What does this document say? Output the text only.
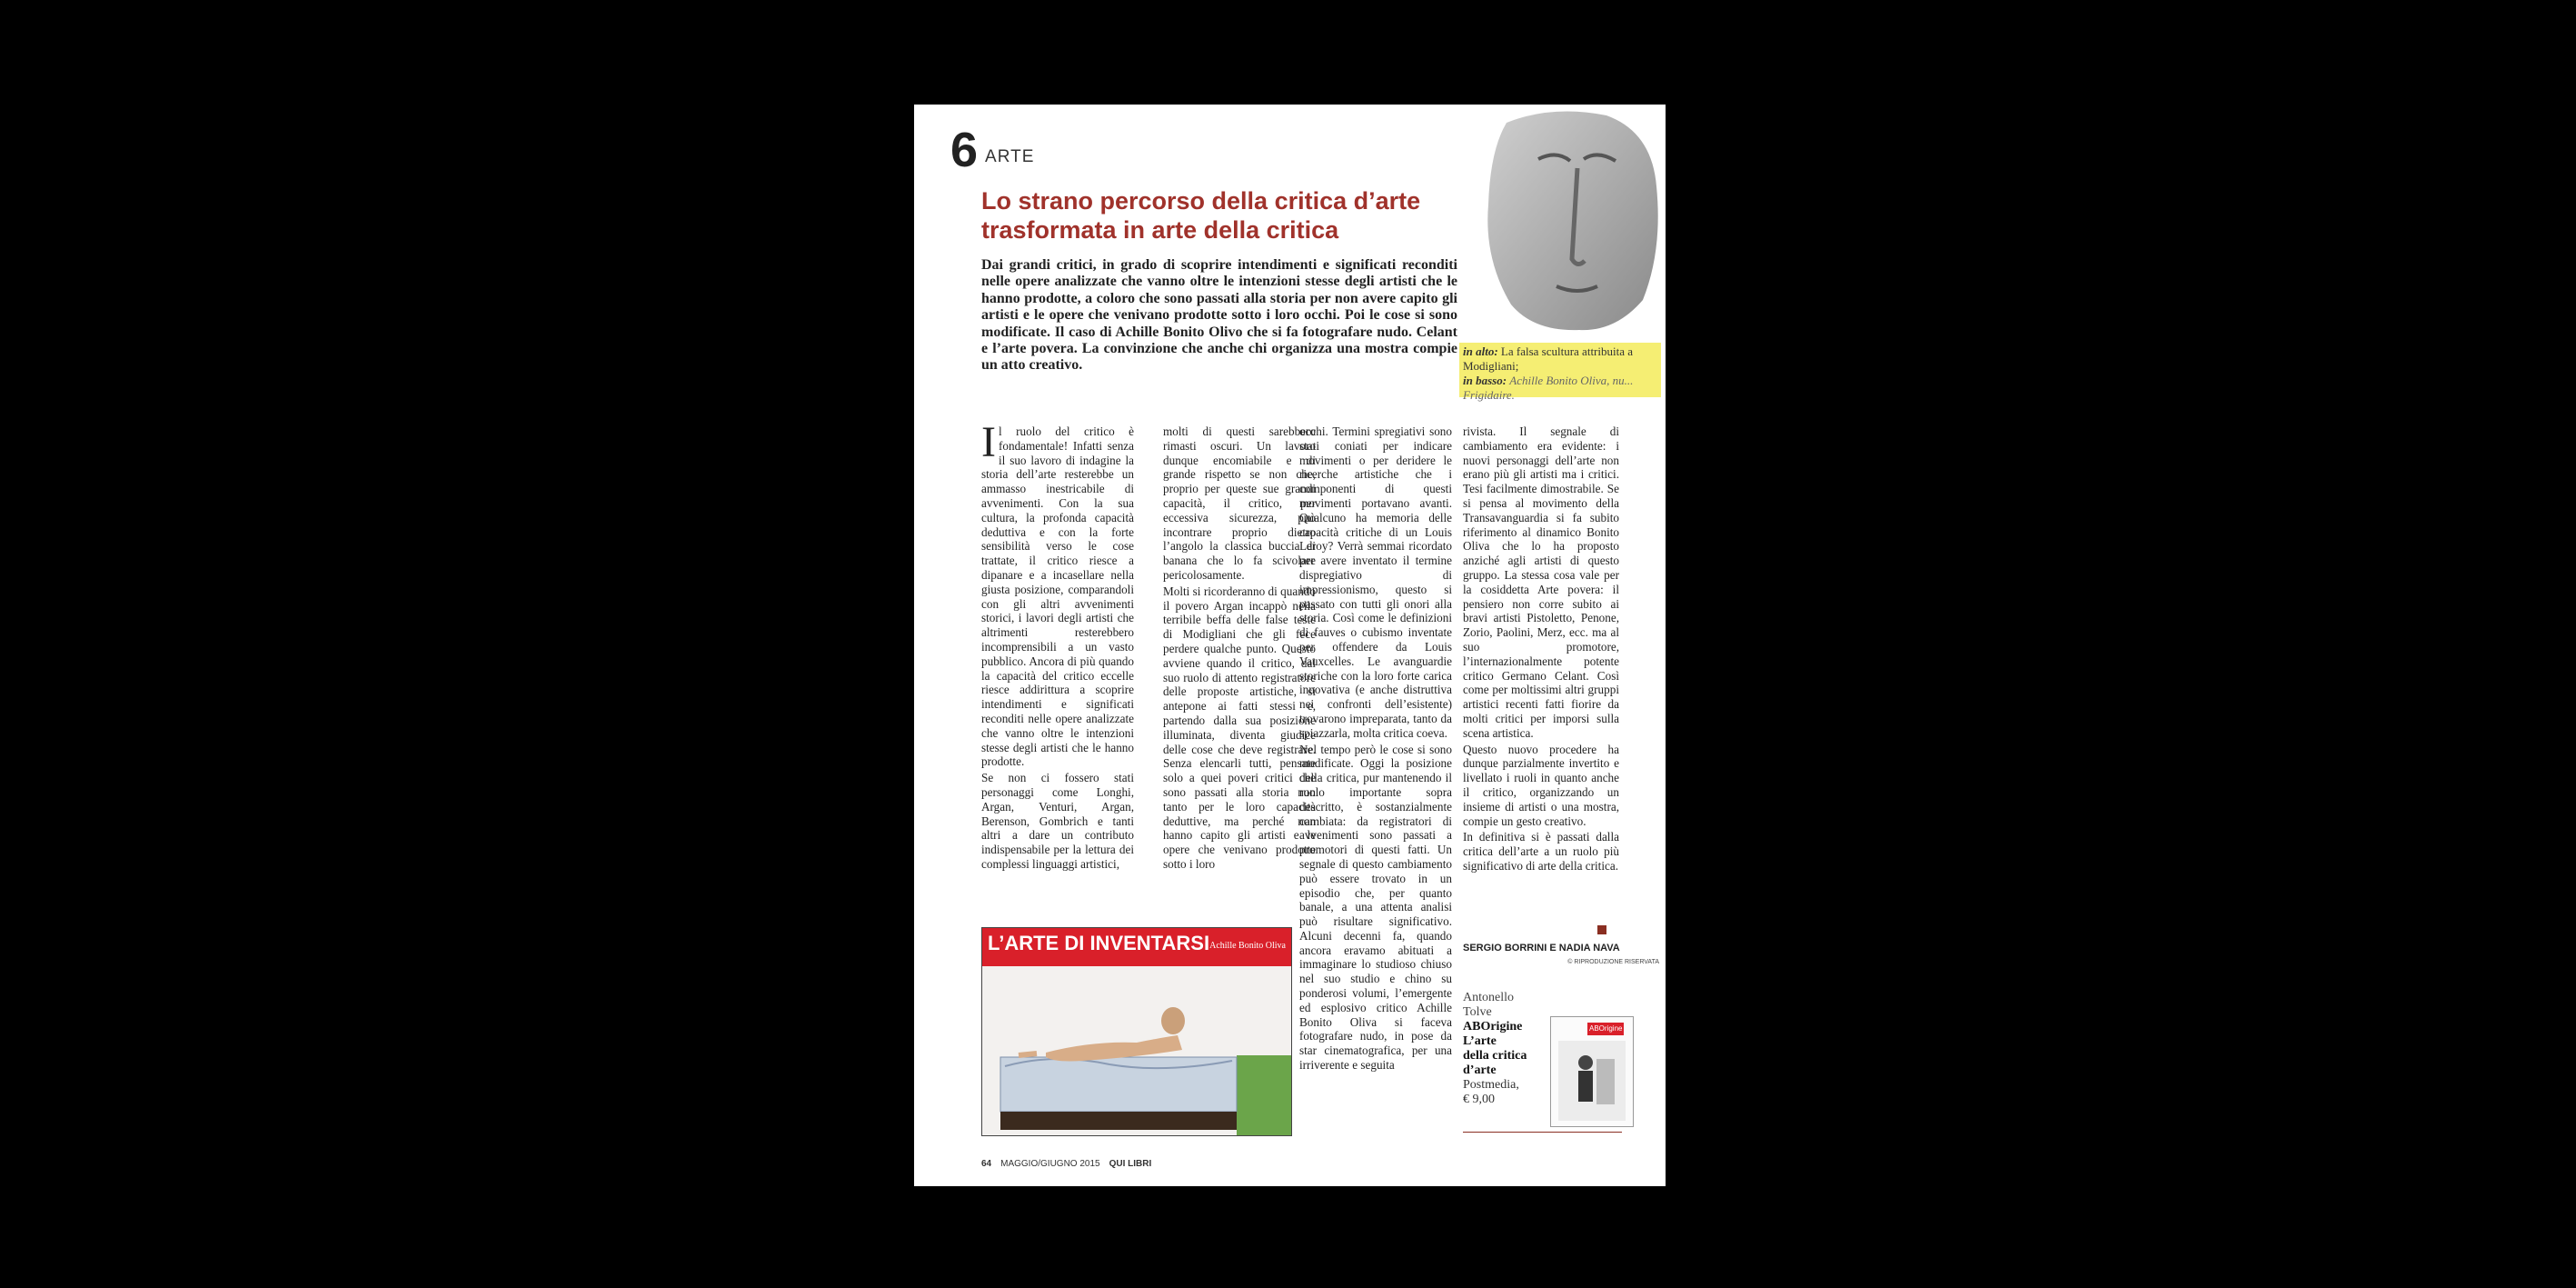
6 ARTE
Lo strano percorso della critica d’arte
trasformata in arte della critica

Dai grandi critici, in grado di scoprire intendimenti e significati reconditi nelle opere analizzate che vanno oltre le intenzioni stesse degli artisti che le hanno prodotte, a coloro che sono passati alla storia per non avere capito gli artisti e le opere che venivano prodotte sotto i loro occhi. Poi le cose si sono modificate. Il caso di Achille Bonito Olivo che si fa fotografare nudo. Celant e l’arte povera. La convinzione che anche chi organizza una mostra compie un atto creativo.

in alto: La falsa scultura attribuita a Modigliani;
in basso: Achille Bonito Oliva, nu... Frigidaire.

Il ruolo del critico è fondamentale! Infatti senza il suo lavoro di indagine la storia dell’arte resterebbe un ammasso inestricabile di avvenimenti. Con la sua cultura, la profonda capacità deduttiva e con la forte sensibilità verso le cose trattate, il critico riesce a dipanare e a incasellare nella giusta posizione, comparandoli con gli altri avvenimenti storici, i lavori degli artisti che altrimenti resterebbero incomprensibili a un vasto pubblico. Ancora di più quando la capacità del critico eccelle riesce addirittura a scoprire intendimenti e significati reconditi nelle opere analizzate che vanno oltre le intenzioni stesse degli artisti che le hanno prodotte.

Se non ci fossero stati personaggi come Longhi, Argan, Venturi, Argan, Berenson, Gombrich e tanti altri a dare un contributo indispensabile per la lettura dei complessi linguaggi artistici,

molti di questi sarebbero rimasti oscuri. Un lavoro dunque encomiabile e di grande rispetto se non che, proprio per queste sue grandi capacità, il critico, per eccessiva sicurezza, può incontrare proprio dietro l’angolo la classica buccia di banana che lo fa scivolare pericolosamente.

Molti si ricorderanno di quando il povero Argan incappò nella terribile beffa delle false teste di Modigliani che gli fece perdere qualche punto. Questo avviene quando il critico, dal suo ruolo di attento registratore delle proposte artistiche, si antepone ai fatti stessi e, partendo dalla sua posizione illuminata, diventa giudice delle cose che deve registrare. Senza elencarli tutti, pensate solo a quei poveri critici che sono passati alla storia non tanto per le loro capacità deduttive, ma perché non hanno capito gli artisti e le opere che venivano prodotte sotto i loro

occhi. Termini spregiativi sono stati coniati per indicare movimenti o per deridere le ricerche artistiche che i componenti di questi movimenti portavano avanti. Qualcuno ha memoria delle capacità critiche di un Louis Leroy? Verrà semmai ricordato per avere inventato il termine dispregiativo di impressionismo, questo si passato con tutti gli onori alla storia. Così come le definizioni di fauves o cubismo inventate per offendere da Louis Vauxcelles. Le avanguardie storiche con la loro forte carica innovativa (e anche distruttiva nei confronti dell’esistente) trovarono impreparata, tanto da spiazzarla, molta critica coeva.

Nel tempo però le cose si sono modificate. Oggi la posizione della critica, pur mantenendo il ruolo importante sopra descritto, è sostanzialmente cambiata: da registratori di avvenimenti sono passati a promotori di questi fatti. Un segnale di questo cambiamento può essere trovato in un episodio che, per quanto banale, a una attenta analisi può risultare significativo. Alcuni decenni fa, quando ancora eravamo abituati a immaginare lo studioso chiuso nel suo studio e chino su ponderosi volumi, l’emergente ed esplosivo critico Achille Bonito Oliva si faceva fotografare nudo, in pose da star cinematografica, per una irriverente e seguita

rivista. Il segnale di cambiamento era evidente: i nuovi personaggi dell’arte non erano più gli artisti ma i critici. Tesi facilmente dimostrabile. Se si pensa al movimento della Transavanguardia si fa subito riferimento al dinamico Bonito Oliva che lo ha proposto anziché agli artisti di questo gruppo. La stessa cosa vale per la cosiddetta Arte povera: il pensiero non corre subito ai bravi artisti Pistoletto, Penone, Zorio, Paolini, Merz, ecc. ma al suo promotore, l’internazionalmente potente critico Germano Celant. Così come per moltissimi altri gruppi artistici recenti fatti fiorire da molti critici per imporsi sulla scena artistica.

Questo nuovo procedere ha dunque parzialmente invertito e livellato i ruoli in quanto anche il critico, organizzando un insieme di artisti o una mostra, compie un gesto creativo.

In definitiva si è passati dalla critica dell’arte a un ruolo più significativo di arte della critica.

SERGIO BORRINI E NADIA NAVA
© RIPRODUZIONE RISERVATA
L’ARTE DI INVENTARSI Achille Bonito Oliva
Antonello
Tolve
ABOrigine
L’arte
della critica
d’arte
Postmedia,
€ 9,00
ABOrigine
64 MAGGIO/GIUGNO 2015 QUI LIBRI
